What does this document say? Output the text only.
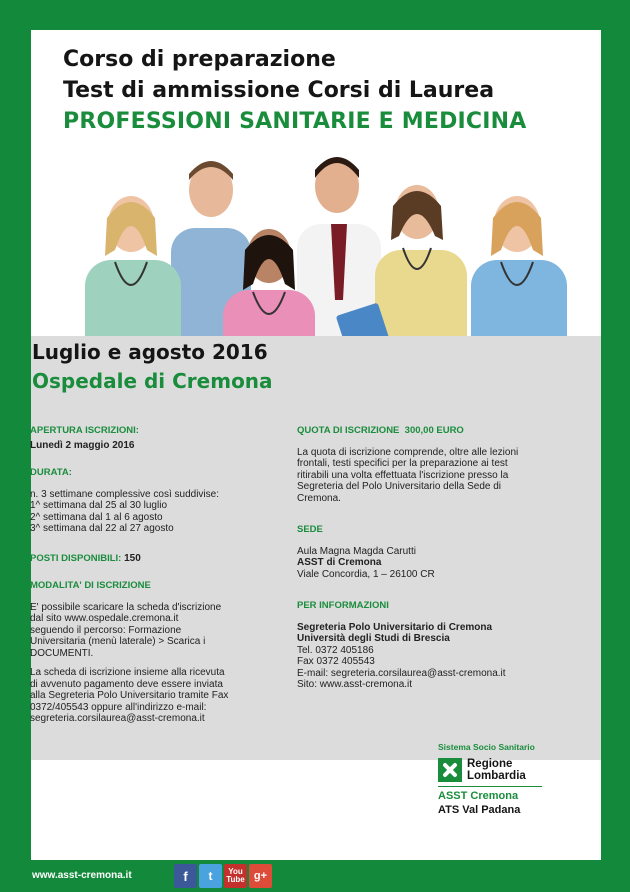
Corso di preparazione
Test di ammissione Corsi di Laurea
PROFESSIONI SANITARIE E MEDICINA
Luglio e agosto 2016
Ospedale di Cremona
APERTURA ISCRIZIONI:
Lunedì 2 maggio 2016
DURATA:
n. 3 settimane complessive così suddivise:
1^ settimana dal 25 al 30 luglio
2^ settimana dal 1 al 6 agosto
3^ settimana dal 22 al 27 agosto
POSTI DISPONIBILI: 150
MODALITA' DI ISCRIZIONE
E' possibile scaricare la scheda d'iscrizione
dal sito www.ospedale.cremona.it
seguendo il percorso: Formazione
Universitaria (menù laterale) > Scarica i
DOCUMENTI.
La scheda di iscrizione insieme alla ricevuta
di avvenuto pagamento deve essere inviata
alla Segreteria Polo Universitario tramite Fax
0372/405543 oppure all'indirizzo e-mail:
segreteria.corsilaurea@asst-cremona.it
QUOTA DI ISCRIZIONE 300,00 EURO
La quota di iscrizione comprende, oltre alle lezioni
frontali, testi specifici per la preparazione ai test
ritirabili una volta effettuata l'iscrizione presso la
Segreteria del Polo Universitario della Sede di
Cremona.
SEDE
Aula Magna Magda Carutti
ASST di Cremona
Viale Concordia, 1 – 26100 CR
PER INFORMAZIONI
Segreteria Polo Universitario di Cremona
Università degli Studi di Brescia
Tel. 0372 405186
Fax 0372 405543
E-mail: segreteria.corsilaurea@asst-cremona.it
Sito: www.asst-cremona.it
Sistema Socio Sanitario
Regione
Lombardia
ASST Cremona
ATS Val Padana
www.asst-cremona.it	f	t	You Tube g+
